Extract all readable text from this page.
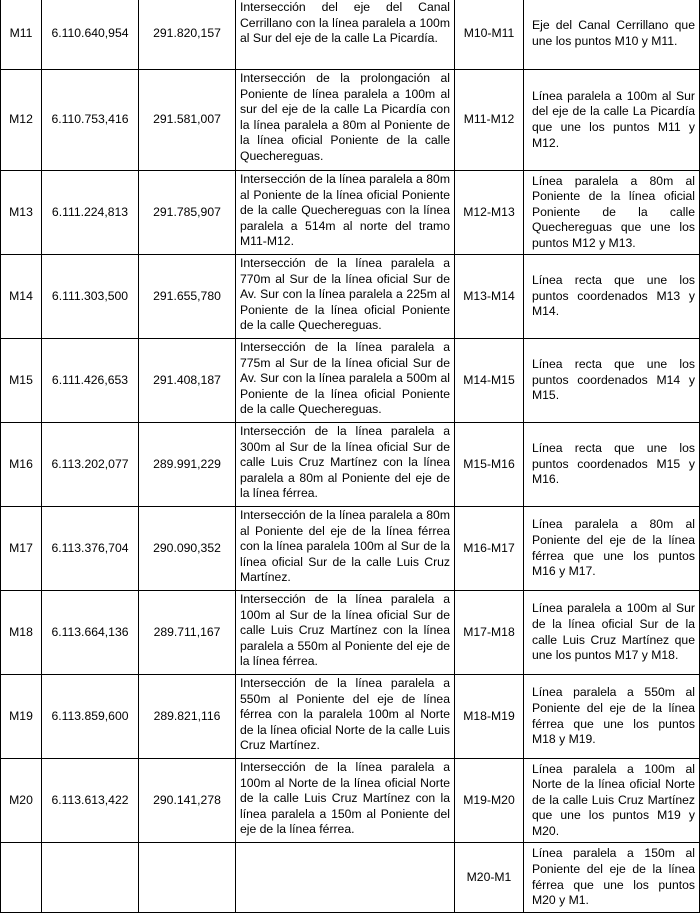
M11	6.110.640,954	291.820,157	Intersección del eje del Canal Cerrillano con la línea paralela a 100m al Sur del eje de la calle La Picardía.	M10-M11	Eje del Canal Cerrillano que une los puntos M10 y M11.
M12	6.110.753,416	291.581,007	Intersección de la prolongación al Poniente de línea paralela a 100m al sur del eje de la calle La Picardía con la línea paralela a 80m al Poniente de la línea oficial Poniente de la calle Quechereguas.	M11-M12	Línea paralela a 100m al Sur del eje de la calle La Picardía que une los puntos M11 y M12.
M13	6.111.224,813	291.785,907	Intersección de la línea paralela a 80m al Poniente de la línea oficial Poniente de la calle Quechereguas con la línea paralela a 514m al norte del tramo M11-M12.	M12-M13	Línea paralela a 80m al Poniente de la línea oficial Poniente de la calle Quechereguas que une los puntos M12 y M13.
M14	6.111.303,500	291.655,780	Intersección de la línea paralela a 770m al Sur de la línea oficial Sur de Av. Sur con la línea paralela a 225m al Poniente de la línea oficial Poniente de la calle Quechereguas.	M13-M14	Línea recta que une los puntos coordenados M13 y M14.
M15	6.111.426,653	291.408,187	Intersección de la línea paralela a 775m al Sur de la línea oficial Sur de Av. Sur con la línea paralela a 500m al Poniente de la línea oficial Poniente de la calle Quechereguas.	M14-M15	Línea recta que une los puntos coordenados M14 y M15.
M16	6.113.202,077	289.991,229	Intersección de la línea paralela a 300m al Sur de la línea oficial Sur de calle Luis Cruz Martínez con la línea paralela a 80m al Poniente del eje de la línea férrea.	M15-M16	Línea recta que une los puntos coordenados M15 y M16.
M17	6.113.376,704	290.090,352	Intersección de la línea paralela a 80m al Poniente del eje de la línea férrea con la línea paralela 100m al Sur de la línea oficial Sur de la calle Luis Cruz Martínez.	M16-M17	Línea paralela a 80m al Poniente del eje de la línea férrea que une los puntos M16 y M17.
M18	6.113.664,136	289.711,167	Intersección de la línea paralela a 100m al Sur de la línea oficial Sur de calle Luis Cruz Martínez con la línea paralela a 550m al Poniente del eje de la línea férrea.	M17-M18	Línea paralela a 100m al Sur de la línea oficial Sur de la calle Luis Cruz Martínez que une los puntos M17 y M18.
M19	6.113.859,600	289.821,116	Intersección de la línea paralela a 550m al Poniente del eje de línea férrea con la paralela 100m al Norte de la línea oficial Norte de la calle Luis Cruz Martínez.	M18-M19	Línea paralela a 550m al Poniente del eje de la línea férrea que une los puntos M18 y M19.
M20	6.113.613,422	290.141,278	Intersección de la línea paralela a 100m al Norte de la línea oficial Norte de la calle Luis Cruz Martínez con la línea paralela a 150m al Poniente del eje de la línea férrea.	M19-M20	Línea paralela a 100m al Norte de la línea oficial Norte de la calle Luis Cruz Martínez que une los puntos M19 y M20.
				M20-M1	Línea paralela a 150m al Poniente del eje de la línea férrea que une los puntos M20 y M1.
